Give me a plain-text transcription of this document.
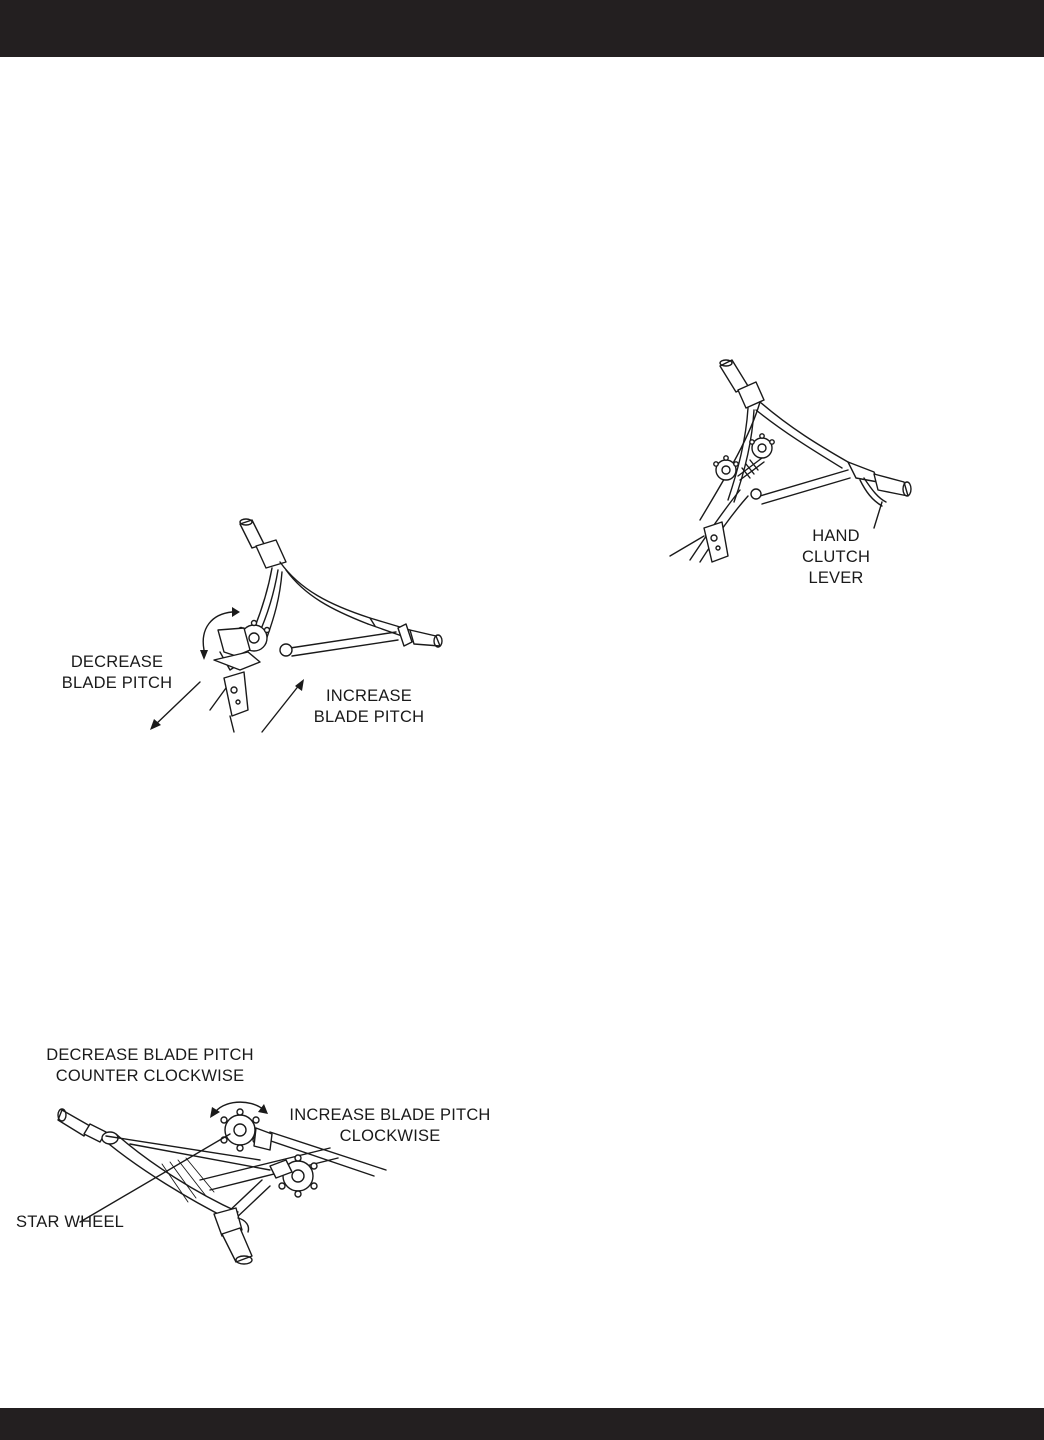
DECREASE
BLADE PITCH
INCREASE
BLADE PITCH
HAND
CLUTCH
LEVER
DECREASE BLADE PITCH
COUNTER CLOCKWISE
INCREASE BLADE PITCH
CLOCKWISE
STAR WHEEL
